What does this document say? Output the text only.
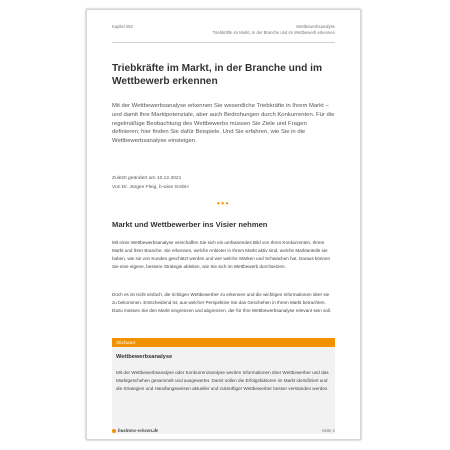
Kapitel 052	Wettbewerbsanalyse
Triebkräfte im Markt, in der Branche und im Wettbewerb erkennen
Triebkräfte im Markt, in der Branche und im Wettbewerb erkennen
Mit der Wettbewerbsanalyse erkennen Sie wesentliche Triebkräfte in Ihrem Markt – und damit Ihre Marktpotenziale, aber auch Bedrohungen durch Konkurrenten. Für die regelmäßige Beobachtung des Wettbewerbs müssen Sie Ziele und Fragen definieren; hier finden Sie dafür Beispiele. Und Sie erfahren, wie Sie in die Wettbewerbsanalyse einsteigen.
Zuletzt geändert am 10.12.2021
Von Dr. Jürgen Fleig, b-wise GmbH
•••
Markt und Wettbewerber ins Visier nehmen
Mit einer Wettbewerbsanalyse verschaffen Sie sich ein umfassendes Bild von Ihren Konkurrenten, Ihrem Markt und Ihrer Branche. Sie erkennen, welche Anbieter in Ihrem Markt aktiv sind, welche Marktanteile sie haben, wie sie von Kunden geschätzt werden und wer welche Stärken und Schwächen hat. Daraus können Sie eine eigene, bessere Strategie ableiten, wie Sie sich im Wettbewerb durchsetzen.
Doch es ist nicht einfach, die richtigen Wettbewerber zu erkennen und die wichtigen Informationen über sie zu bekommen. Entscheidend ist, aus welcher Perspektive Sie das Geschehen in Ihrem Markt betrachten. Dazu müssen Sie den Markt eingrenzen und abgrenzen, der für Ihre Wettbewerbsanalyse relevant sein soll.
Stichwort
Wettbewerbsanalyse
Mit der Wettbewerbsanalyse oder Konkurrenzanalyse werden Informationen über Wettbewerber und das Marktgeschehen gesammelt und ausgewertet. Damit sollen die Erfolgsfaktoren im Markt identifiziert und die Strategien und Handlungsweisen aktueller und zukünftiger Wettbewerber besser verstanden werden.
business-wissen.de	Seite 2
